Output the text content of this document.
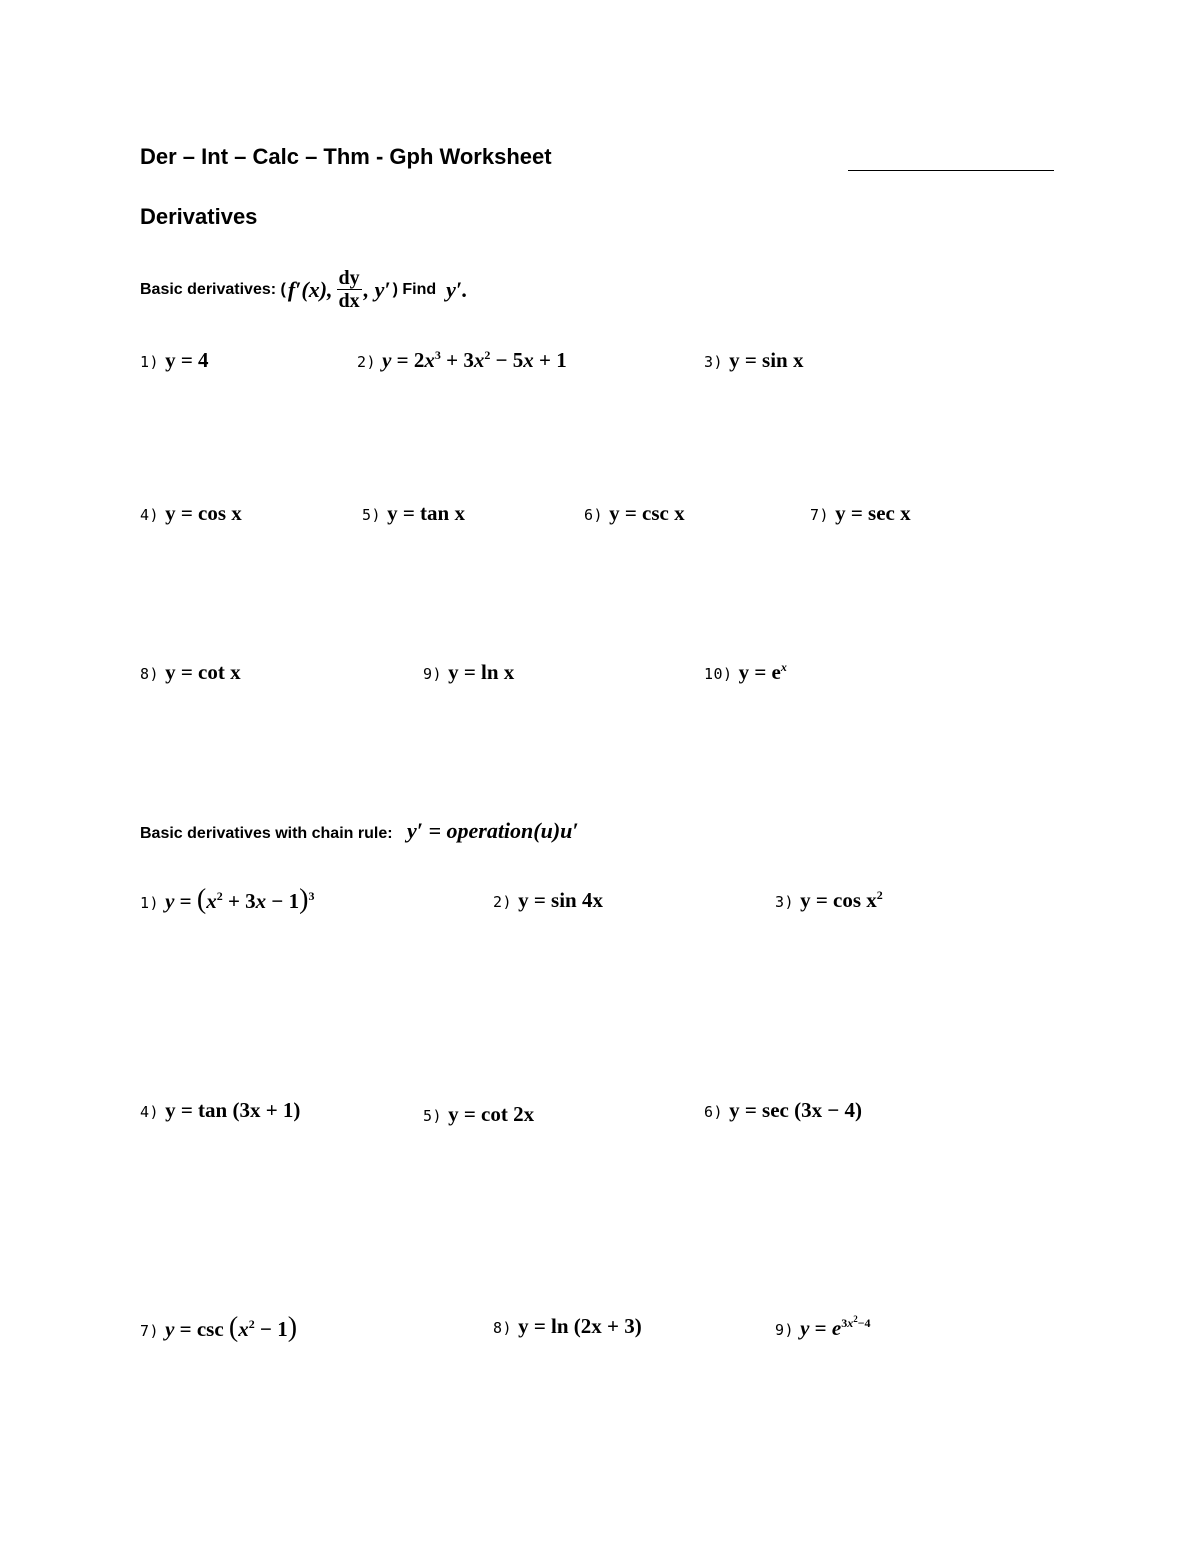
Der – Int – Calc – Thm - Gph Worksheet
Derivatives
Basic derivatives: ( f′(x), $\frac{dy}{dx}$ , y′ ) Find y′.
1) y = 4	2) $y = 2x^3 + 3x^2 - 5x + 1$	3) y = sin x
4) y = cos x	5) y = tan x	6) y = csc x	7) y = sec x
8) y = cot x	9) y = ln x	10) $y = e^x$
Basic derivatives with chain rule: y′ = operation(u)u′
1) $y = (x^2 + 3x - 1)^3$	2) y = sin 4x	3) $y = \cos x^2$
4) y = tan (3x + 1)	5) y = cot 2x	6) y = sec (3x − 4)
7) $y = \csc (x^2 - 1)$	8) y = ln (2x + 3)	9) $y = e^{3x^2-4}$
